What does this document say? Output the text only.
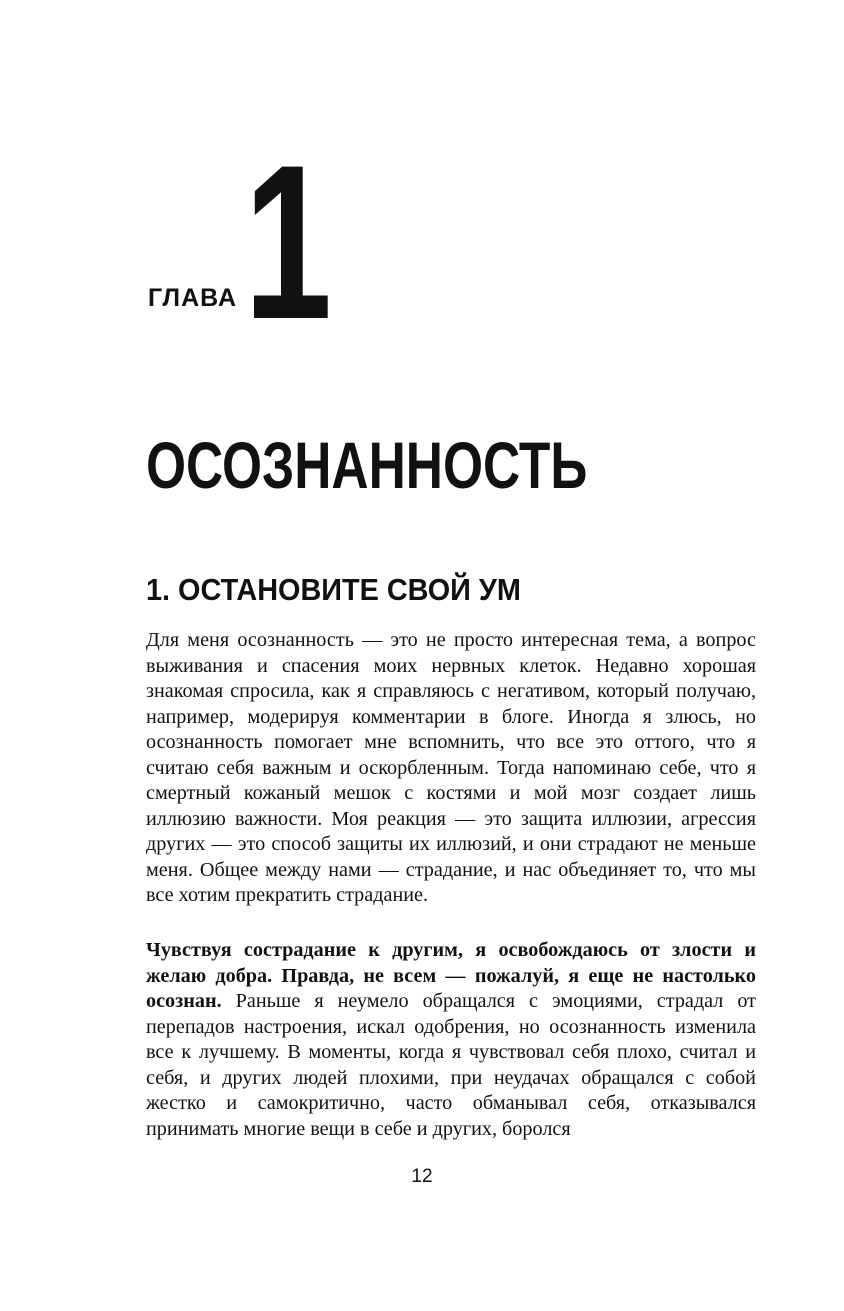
ГЛАВА 1
ОСОЗНАННОСТЬ
1. ОСТАНОВИТЕ СВОЙ УМ

Для меня осознанность — это не просто интересная тема, а вопрос выживания и спасения моих нервных клеток. Недавно хорошая знакомая спросила, как я справляюсь с негативом, который получаю, например, модерируя комментарии в блоге. Иногда я злюсь, но осознанность помогает мне вспомнить, что все это оттого, что я считаю себя важным и оскорбленным. Тогда напоминаю себе, что я смертный кожаный мешок с костями и мой мозг создает лишь иллюзию важности. Моя реакция — это защита иллюзии, агрессия других — это способ защиты их иллюзий, и они страдают не меньше меня. Общее между нами — страдание, и нас объединяет то, что мы все хотим прекратить страдание.

Чувствуя сострадание к другим, я освобождаюсь от злости и желаю добра. Правда, не всем — пожалуй, я еще не настолько осознан. Раньше я неумело обращался с эмоциями, страдал от перепадов настроения, искал одобрения, но осознанность изменила все к лучшему. В моменты, когда я чувствовал себя плохо, считал и себя, и других людей плохими, при неудачах обращался с собой жестко и самокритично, часто обманывал себя, отказывался принимать многие вещи в себе и других, боролся

12
